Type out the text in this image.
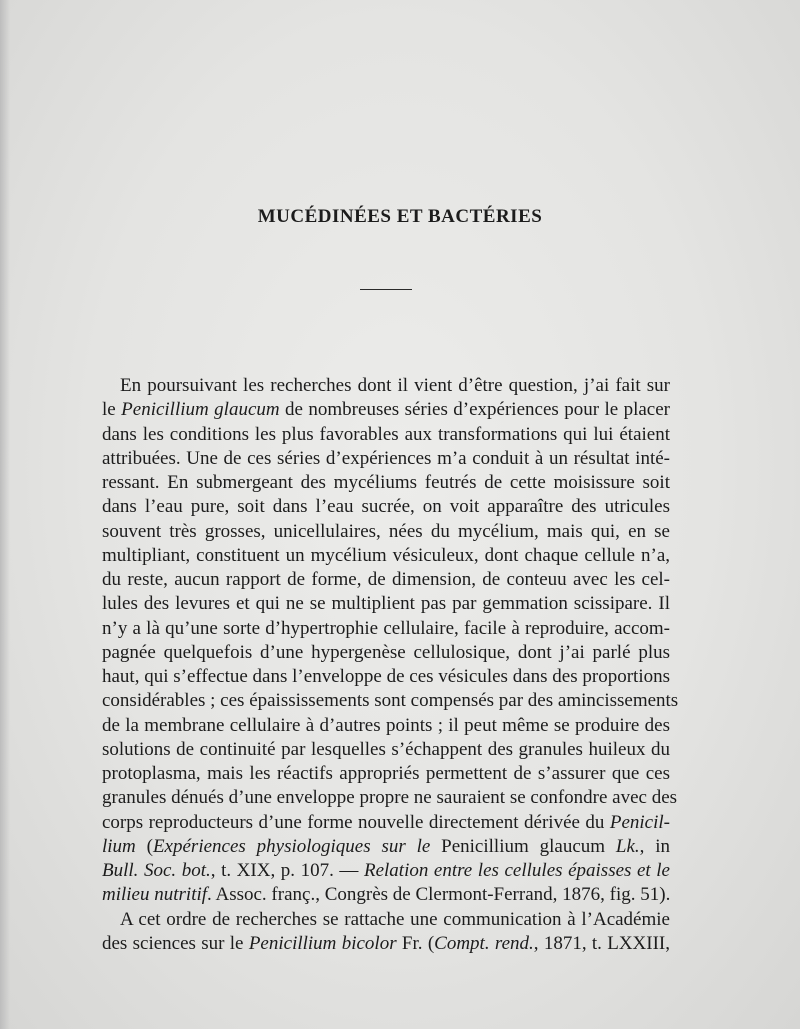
MUCÉDINÉES ET BACTÉRIES
En poursuivant les recherches dont il vient d’être question, j’ai fait sur
le Penicillium glaucum de nombreuses séries d’expériences pour le placer
dans les conditions les plus favorables aux transformations qui lui étaient
attribuées. Une de ces séries d’expériences m’a conduit à un résultat inté-
ressant. En submergeant des mycéliums feutrés de cette moisissure soit
dans l’eau pure, soit dans l’eau sucrée, on voit apparaître des utricules
souvent très grosses, unicellulaires, nées du mycélium, mais qui, en se
multipliant, constituent un mycélium vésiculeux, dont chaque cellule n’a,
du reste, aucun rapport de forme, de dimension, de conteuu avec les cel-
lules des levures et qui ne se multiplient pas par gemmation scissipare. Il
n’y a là qu’une sorte d’hypertrophie cellulaire, facile à reproduire, accom-
pagnée quelquefois d’une hypergenèse cellulosique, dont j’ai parlé plus
haut, qui s’effectue dans l’enveloppe de ces vésicules dans des proportions
considérables ; ces épaississements sont compensés par des amincissements
de la membrane cellulaire à d’autres points ; il peut même se produire des
solutions de continuité par lesquelles s’échappent des granules huileux du
protoplasma, mais les réactifs appropriés permettent de s’assurer que ces
granules dénués d’une enveloppe propre ne sauraient se confondre avec des
corps reproducteurs d’une forme nouvelle directement dérivée du Penicil-
lium (Expériences physiologiques sur le Penicillium glaucum Lk., in
Bull. Soc. bot., t. XIX, p. 107. — Relation entre les cellules épaisses et le
milieu nutritif. Assoc. franç., Congrès de Clermont-Ferrand, 1876, fig. 51).
A cet ordre de recherches se rattache une communication à l’Académie
des sciences sur le Penicillium bicolor Fr. (Compt. rend., 1871, t. LXXIII,
